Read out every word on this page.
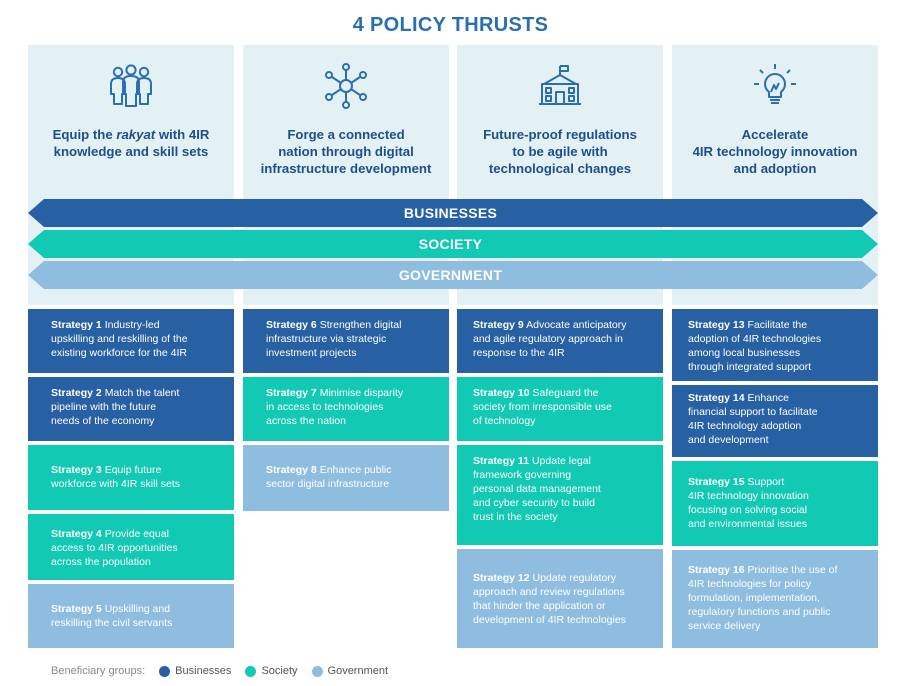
4 POLICY THRUSTS
Equip the rakyat with 4IR
knowledge and skill sets
Forge a connected
nation through digital
infrastructure development
Future-proof regulations
to be agile with
technological changes
Accelerate
4IR technology innovation
and adoption
BUSINESSES
SOCIETY
GOVERNMENT
Strategy 1 Industry-led
upskilling and reskilling of the
existing workforce for the 4IR
Strategy 2 Match the talent
pipeline with the future
needs of the economy
Strategy 3 Equip future
workforce with 4IR skill sets
Strategy 4 Provide equal
access to 4IR opportunities
across the population
Strategy 5 Upskilling and
reskilling the civil servants
Strategy 6 Strengthen digital
infrastructure via strategic
investment projects
Strategy 7 Minimise disparity
in access to technologies
across the nation
Strategy 8 Enhance public
sector digital infrastructure
Strategy 9 Advocate anticipatory
and agile regulatory approach in
response to the 4IR
Strategy 10 Safeguard the
society from irresponsible use
of technology
Strategy 11 Update legal
framework governing
personal data management
and cyber security to build
trust in the society
Strategy 12 Update regulatory
approach and review regulations
that hinder the application or
development of 4IR technologies
Strategy 13 Facilitate the
adoption of 4IR technologies
among local businesses
through integrated support
Strategy 14 Enhance
financial support to facilitate
4IR technology adoption
and development
Strategy 15 Support
4IR technology innovation
focusing on solving social
and environmental issues
Strategy 16 Prioritise the use of
4IR technologies for policy
formulation, implementation,
regulatory functions and public
service delivery
Beneficiary groups:	Businesses	Society	Government
